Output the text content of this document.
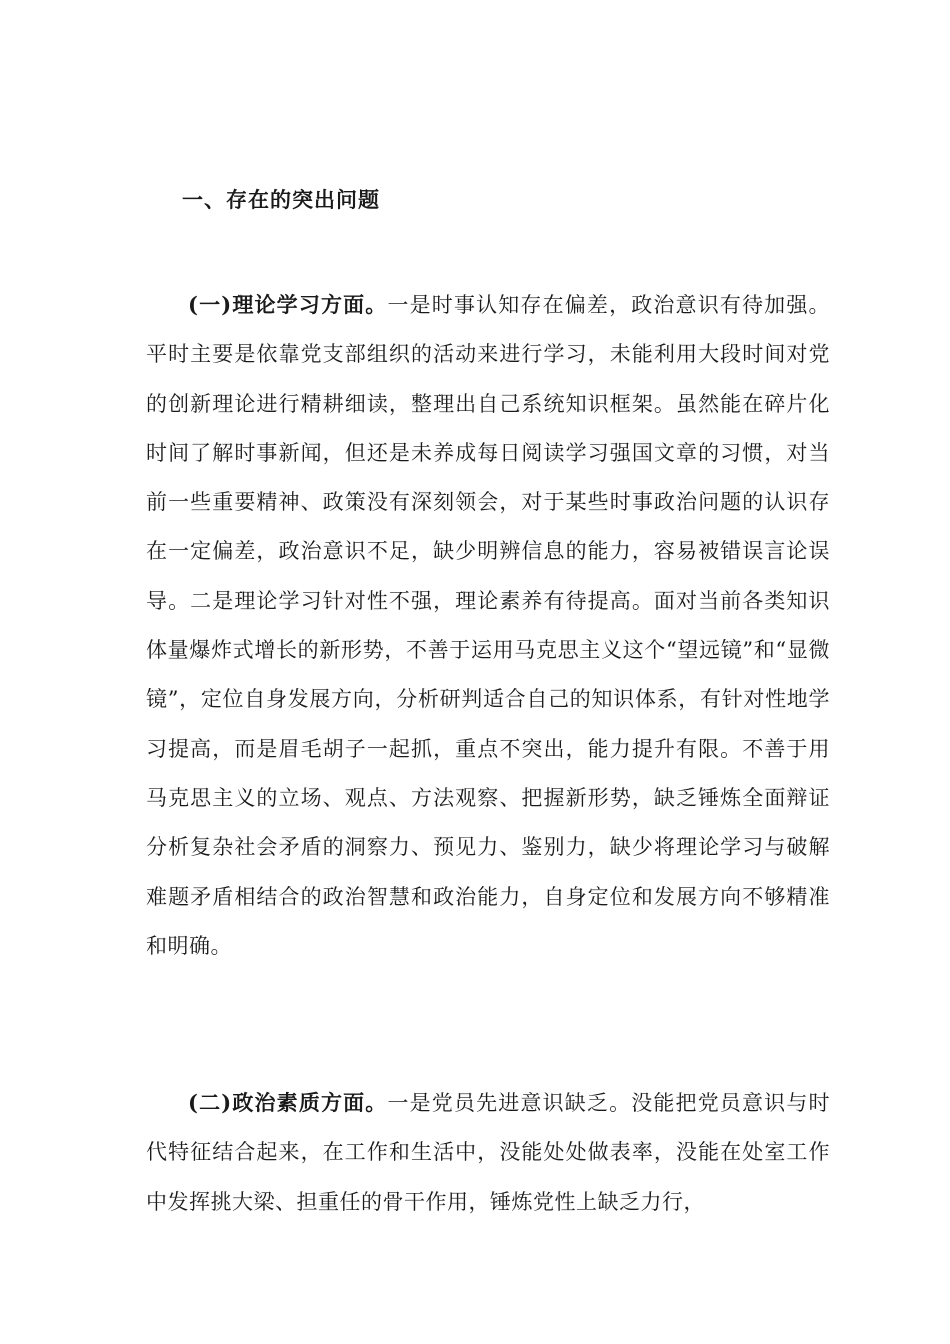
一、存在的突出问题

(一)理论学习方面。一是时事认知存在偏差，政治意识有待加强。平时主要是依靠党支部组织的活动来进行学习，未能利用大段时间对党的创新理论进行精耕细读，整理出自己系统知识框架。虽然能在碎片化时间了解时事新闻，但还是未养成每日阅读学习强国文章的习惯，对当前一些重要精神、政策没有深刻领会，对于某些时事政治问题的认识存在一定偏差，政治意识不足，缺少明辨信息的能力，容易被错误言论误导。二是理论学习针对性不强，理论素养有待提高。面对当前各类知识体量爆炸式增长的新形势，不善于运用马克思主义这个“望远镜”和“显微镜”，定位自身发展方向，分析研判适合自己的知识体系，有针对性地学习提高，而是眉毛胡子一起抓，重点不突出，能力提升有限。不善于用马克思主义的立场、观点、方法观察、把握新形势，缺乏锤炼全面辩证分析复杂社会矛盾的洞察力、预见力、鉴别力，缺少将理论学习与破解难题矛盾相结合的政治智慧和政治能力，自身定位和发展方向不够精准和明确。

(二)政治素质方面。一是党员先进意识缺乏。没能把党员意识与时代特征结合起来，在工作和生活中，没能处处做表率，没能在处室工作中发挥挑大梁、担重任的骨干作用，锤炼党性上缺乏力行，
